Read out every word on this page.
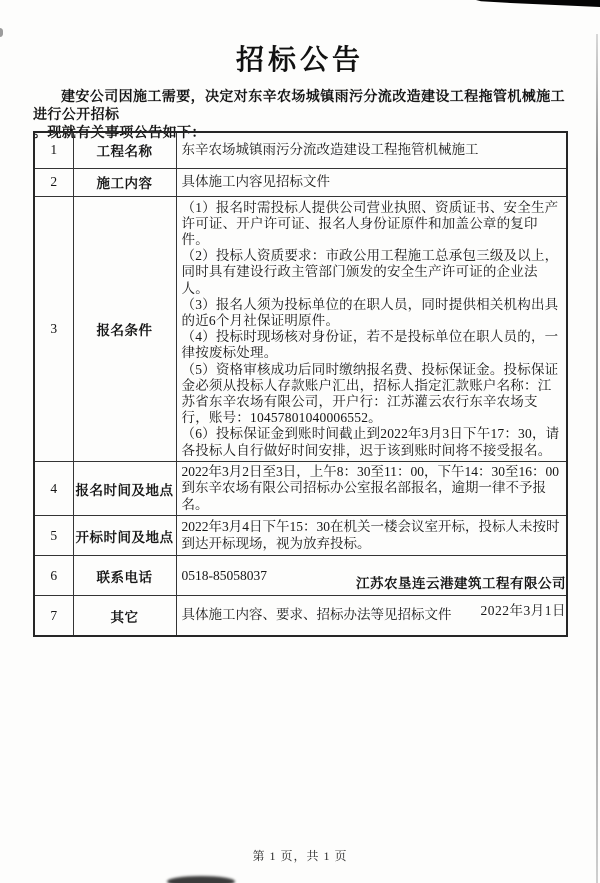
招标公告
建安公司因施工需要，决定对东辛农场城镇雨污分流改造建设工程拖管机械施工进行公开招标
。现就有关事项公告如下：
1	工程名称	东辛农场城镇雨污分流改造建设工程拖管机械施工
2	施工内容	具体施工内容见招标文件
3	报名条件	
（1）报名时需投标人提供公司营业执照、资质证书、安全生产许可证、开户许可证、报名人身份证原件和加盖公章的复印件。
（2）投标人资质要求：市政公用工程施工总承包三级及以上，同时具有建设行政主管部门颁发的安全生产许可证的企业法人。
（3）报名人须为投标单位的在职人员，同时提供相关机构出具的近6个月社保证明原件。
（4）投标时现场核对身份证，若不是投标单位在职人员的，一律按废标处理。
（5）资格审核成功后同时缴纳报名费、投标保证金。投标保证金必须从投标人存款账户汇出，招标人指定汇款账户名称：江苏省东辛农场有限公司，开户行：江苏灌云农行东辛农场支行，账号：10457801040006552。
（6）投标保证金到账时间截止到2022年3月3日下午17：30，请各投标人自行做好时间安排，迟于该到账时间将不接受报名。

4	报名时间及地点	2022年3月2日至3日，上午8：30至11：00，下午14：30至16：00到东辛农场有限公司招标办公室报名部报名，逾期一律不予报名。
5	开标时间及地点	2022年3月4日下午15：30在机关一楼会议室开标，投标人未按时到达开标现场，视为放弃投标。
6	联系电话	0518-85058037
7	其它	具体施工内容、要求、招标办法等见招标文件
江苏农垦连云港建筑工程有限公司
2022年3月1日
第 1 页，共 1 页
